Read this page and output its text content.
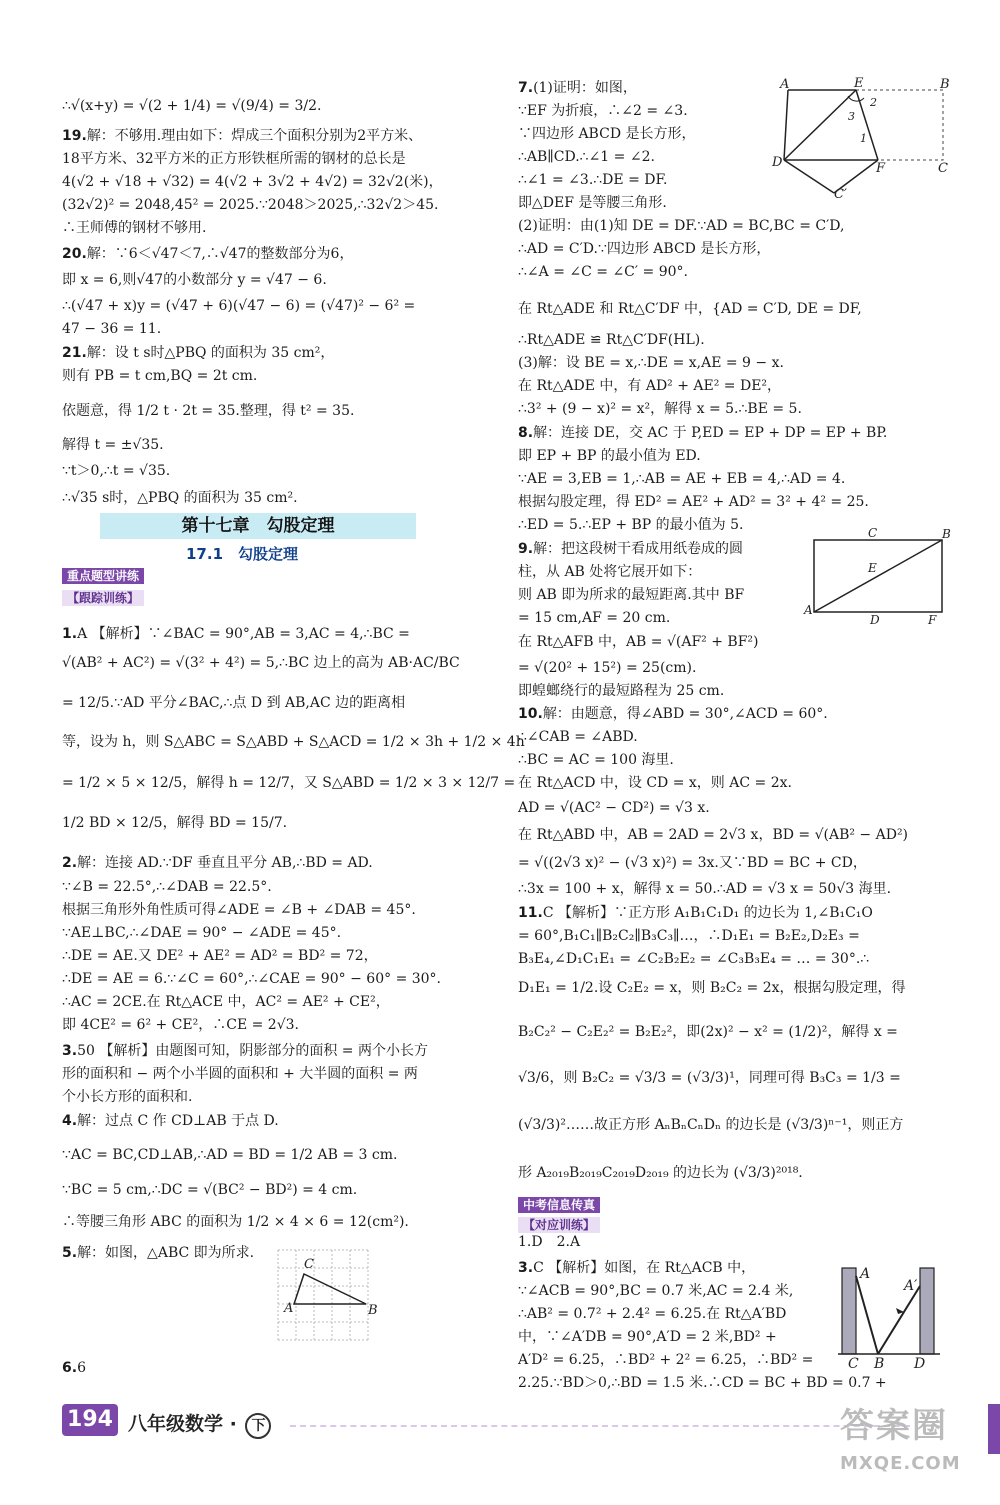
∴√(x+y) = √(2 + 1/4) = √(9/4) = 3/2.
19.解：不够用.理由如下：焊成三个面积分别为2平方米、
18平方米、32平方米的正方形铁框所需的钢材的总长是
4(√2 + √18 + √32) = 4(√2 + 3√2 + 4√2) = 32√2(米)，
(32√2)² = 2048,45² = 2025.∵2048＞2025,∴32√2＞45.
∴王师傅的钢材不够用.
20.解：∵6＜√47＜7,∴√47的整数部分为6，
即 x = 6,则√47的小数部分 y = √47 − 6.
∴(√47 + x)y = (√47 + 6)(√47 − 6) = (√47)² − 6² =
47 − 36 = 11.
21.解：设 t s时△PBQ 的面积为 35 cm²，
则有 PB = t cm,BQ = 2t cm.
依题意，得 1/2 t · 2t = 35.整理，得 t² = 35.
解得 t = ±√35.
∵t＞0,∴t = √35.
∴√35 s时，△PBQ 的面积为 35 cm².
1.A 【解析】∵∠BAC = 90°,AB = 3,AC = 4,∴BC =
√(AB² + AC²) = √(3² + 4²) = 5,∴BC 边上的高为 AB·AC/BC
= 12/5.∵AD 平分∠BAC,∴点 D 到 AB,AC 边的距离相
等，设为 h，则 S△ABC = S△ABD + S△ACD = 1/2 × 3h + 1/2 × 4h
= 1/2 × 5 × 12/5，解得 h = 12/7，又 S△ABD = 1/2 × 3 × 12/7 =
1/2 BD × 12/5，解得 BD = 15/7.
2.解：连接 AD.∵DF 垂直且平分 AB,∴BD = AD.
∵∠B = 22.5°,∴∠DAB = 22.5°.
根据三角形外角性质可得∠ADE = ∠B + ∠DAB = 45°.
∵AE⊥BC,∴∠DAE = 90° − ∠ADE = 45°.
∴DE = AE.又 DE² + AE² = AD² = BD² = 72，
∴DE = AE = 6.∵∠C = 60°,∴∠CAE = 90° − 60° = 30°.
∴AC = 2CE.在 Rt△ACE 中，AC² = AE² + CE²，
即 4CE² = 6² + CE²，∴CE = 2√3.
3.50 【解析】由题图可知，阴影部分的面积 = 两个小长方
形的面积和 − 两个小半圆的面积和 + 大半圆的面积 = 两
个小长方形的面积和.
4.解：过点 C 作 CD⊥AB 于点 D.
∵AC = BC,CD⊥AB,∴AD = BD = 1/2 AB = 3 cm.
∵BC = 5 cm,∴DC = √(BC² − BD²) = 4 cm.
∴等腰三角形 ABC 的面积为 1/2 × 4 × 6 = 12(cm²).
5.解：如图，△ABC 即为所求.
6.6
7.(1)证明：如图，
∵EF 为折痕，∴∠2 = ∠3.
∵四边形 ABCD 是长方形，
∴AB∥CD.∴∠1 = ∠2.
∴∠1 = ∠3.∴DE = DF.
即△DEF 是等腰三角形.
(2)证明：由(1)知 DE = DF.∵AD = BC,BC = C′D,
∴AD = C′D.∵四边形 ABCD 是长方形，
∴∠A = ∠C = ∠C′ = 90°.
在 Rt△ADE 和 Rt△C′DF 中，{AD = C′D, DE = DF,
∴Rt△ADE ≌ Rt△C′DF(HL).
(3)解：设 BE = x,∴DE = x,AE = 9 − x.
在 Rt△ADE 中，有 AD² + AE² = DE²，
∴3² + (9 − x)² = x²，解得 x = 5.∴BE = 5.
8.解：连接 DE，交 AC 于 P,ED = EP + DP = EP + BP.
即 EP + BP 的最小值为 ED.
∵AE = 3,EB = 1,∴AB = AE + EB = 4,∴AD = 4.
根据勾股定理，得 ED² = AE² + AD² = 3² + 4² = 25.
∴ED = 5.∴EP + BP 的最小值为 5.
9.解：把这段树干看成用纸卷成的圆
柱，从 AB 处将它展开如下：
则 AB 即为所求的最短距离.其中 BF
= 15 cm,AF = 20 cm.
在 Rt△AFB 中，AB = √(AF² + BF²)
= √(20² + 15²) = 25(cm).
即蝗螂绕行的最短路程为 25 cm.
10.解：由题意，得∠ABD = 30°,∠ACD = 60°.
∴∠CAB = ∠ABD.
∴BC = AC = 100 海里.
在 Rt△ACD 中，设 CD = x，则 AC = 2x.
AD = √(AC² − CD²) = √3 x.
在 Rt△ABD 中，AB = 2AD = 2√3 x，BD = √(AB² − AD²)
= √((2√3 x)² − (√3 x)²) = 3x.又∵BD = BC + CD，
∴3x = 100 + x，解得 x = 50.∴AD = √3 x = 50√3 海里.
11.C 【解析】∵正方形 A₁B₁C₁D₁ 的边长为 1,∠B₁C₁O
= 60°,B₁C₁∥B₂C₂∥B₃C₃∥…，∴D₁E₁ = B₂E₂,D₂E₃ =
B₃E₄,∠D₁C₁E₁ = ∠C₂B₂E₂ = ∠C₃B₃E₄ = … = 30°.∴
D₁E₁ = 1/2.设 C₂E₂ = x，则 B₂C₂ = 2x，根据勾股定理，得
B₂C₂² − C₂E₂² = B₂E₂²，即(2x)² − x² = (1/2)²，解得 x =
√3/6，则 B₂C₂ = √3/3 = (√3/3)¹，同理可得 B₃C₃ = 1/3 =
(√3/3)²……故正方形 AₙBₙCₙDₙ 的边长是 (√3/3)ⁿ⁻¹，则正方
形 A₂₀₁₉B₂₀₁₉C₂₀₁₉D₂₀₁₉ 的边长为 (√3/3)²⁰¹⁸.
1.D　2.A
3.C 【解析】如图，在 Rt△ACB 中，
∵∠ACB = 90°,BC = 0.7 米,AC = 2.4 米,
∴AB² = 0.7² + 2.4² = 6.25.在 Rt△A′BD
中，∵∠A′DB = 90°,A′D = 2 米,BD² +
A′D² = 6.25，∴BD² + 2² = 6.25，∴BD² =
2.25.∵BD＞0,∴BD = 1.5 米.∴CD = BC + BD = 0.7 +
第十七章　勾股定理
17.1　勾股定理
重点题型讲练
【跟踪训练】
中考信息传真
【对应训练】
A	E	B
D	F	C
C′
1
2
3
C	B
E
A
D	F
C
A	B
A
A′
C B D
194 八年级数学 · 下	答案圈
MXQE.COM
